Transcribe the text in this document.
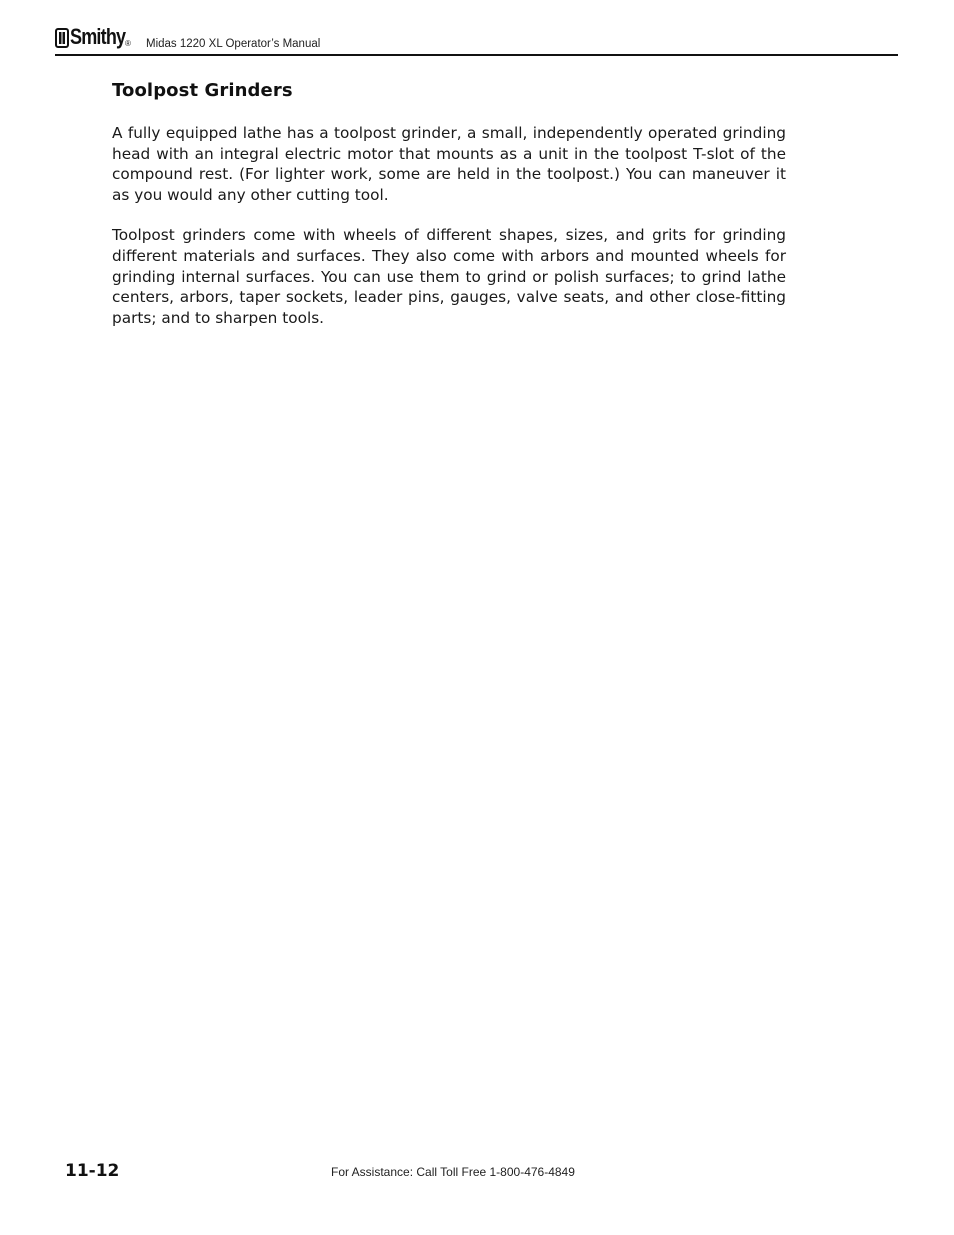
Smithy ® Midas 1220 XL Operator’s Manual
Toolpost Grinders

A fully equipped lathe has a toolpost grinder, a small, independently operated grinding head with an integral electric motor that mounts as a unit in the toolpost T-slot of the compound rest. (For lighter work, some are held in the toolpost.) You can maneuver it as you would any other cutting tool.

Toolpost grinders come with wheels of different shapes, sizes, and grits for grinding different materials and surfaces. They also come with arbors and mounted wheels for grinding internal surfaces. You can use them to grind or polish surfaces; to grind lathe centers, arbors, taper sockets, leader pins, gauges, valve seats, and other close-fitting parts; and to sharpen tools.

11-12	For Assistance: Call Toll Free 1-800-476-4849
